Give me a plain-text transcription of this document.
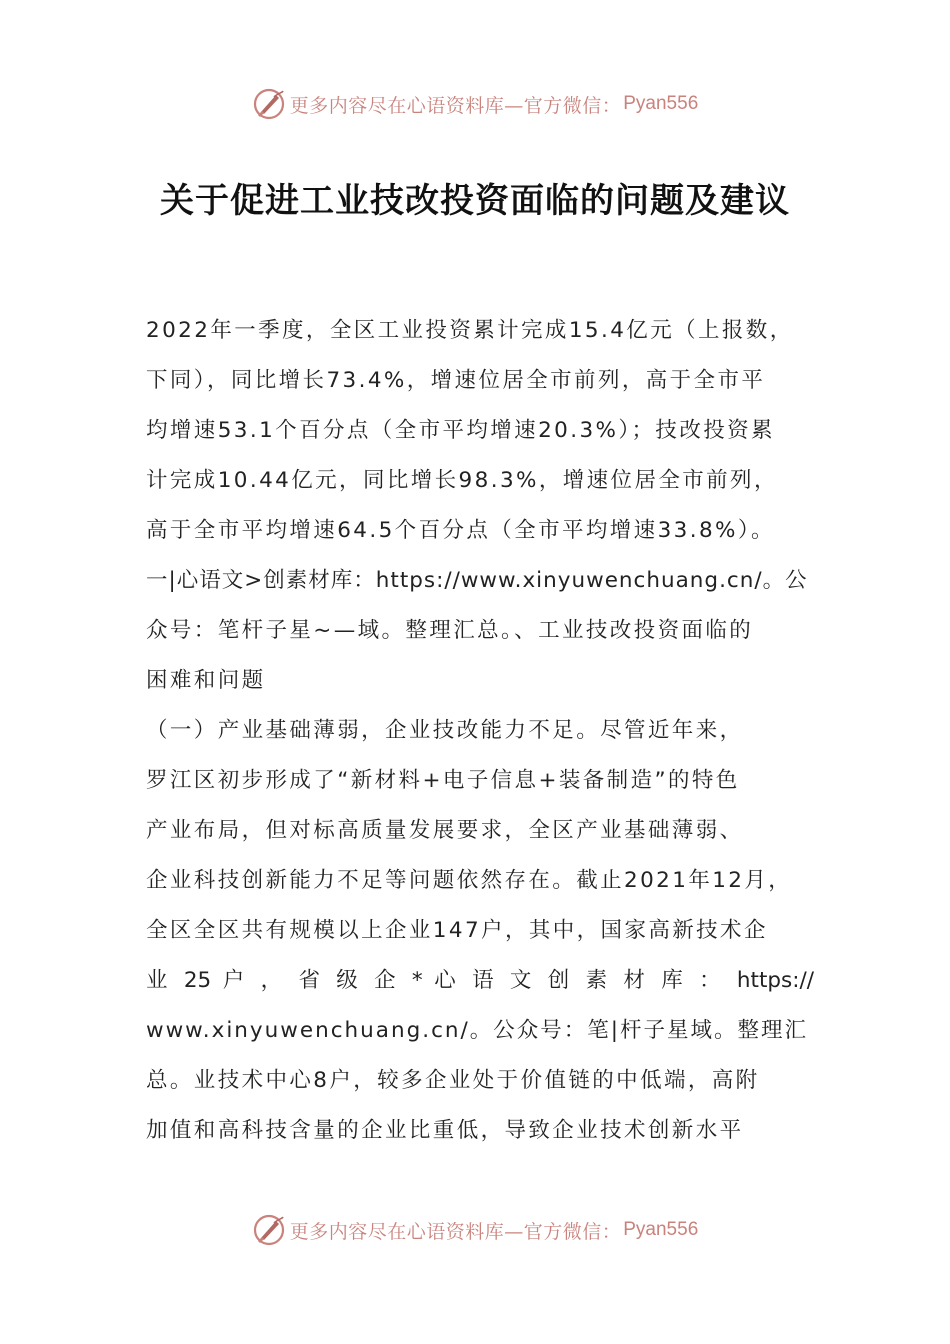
更多内容尽在心语资料库—官方微信： Pyan556
关于促进工业技改投资面临的问题及建议
2022年一季度，全区工业投资累计完成15.4亿元（上报数，
下同），同比增长73.4%，增速位居全市前列，高于全市平
均增速53.1个百分点（全市平均增速20.3%）；技改投资累
计完成10.44亿元，同比增长98.3%，增速位居全市前列，
高于全市平均增速64.5个百分点（全市平均增速33.8%）。
一|心语文>创素材库：https://www.xinyuwenchuang.cn/。公
众号：笔杆子星~—域。整理汇总。、工业技改投资面临的
困难和问题
（一）产业基础薄弱，企业技改能力不足。尽管近年来，
罗江区初步形成了“新材料+电子信息+装备制造”的特色
产业布局，但对标高质量发展要求，全区产业基础薄弱、
企业科技创新能力不足等问题依然存在。截止2021年12月，
全区全区共有规模以上企业147户，其中，国家高新技术企
业 25 户 ， 省 级 企 * 心 语 文 创 素 材 库 ： https://
www.xinyuwenchuang.cn/。公众号：笔|杆子星域。整理汇
总。业技术中心8户，较多企业处于价值链的中低端，高附
加值和高科技含量的企业比重低，导致企业技术创新水平
更多内容尽在心语资料库—官方微信： Pyan556
